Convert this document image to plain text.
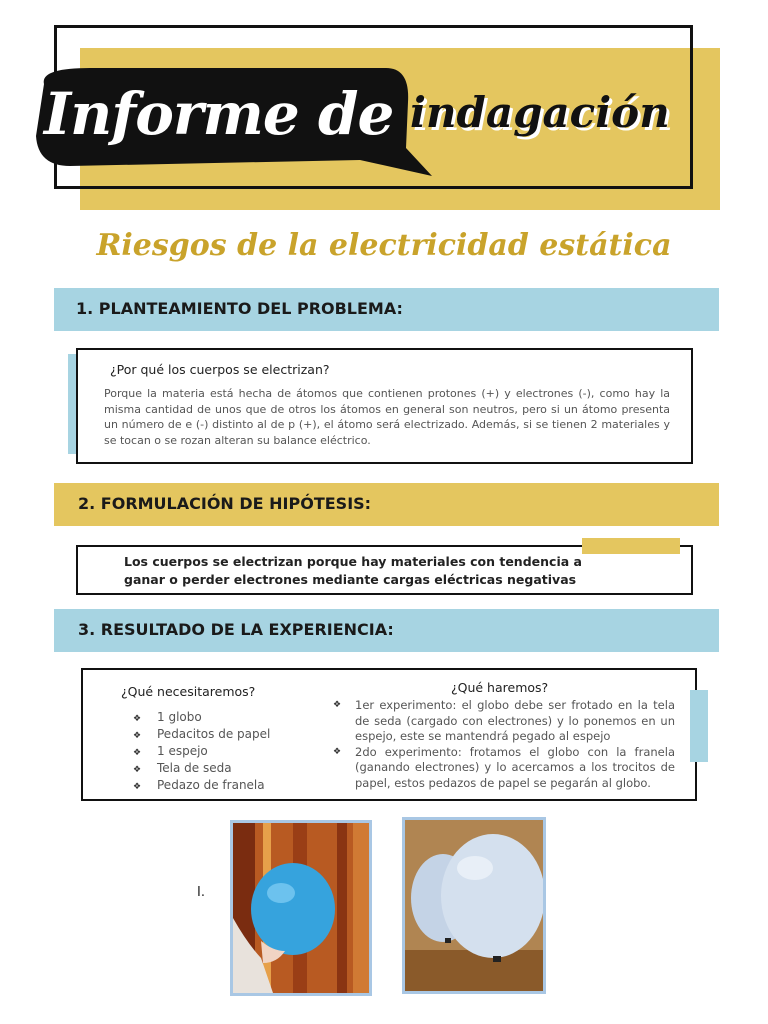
Informe de indagación
Riesgos de la electricidad estática
1. PLANTEAMIENTO DEL PROBLEMA:
¿Por qué los cuerpos se electrizan?
Porque la materia está hecha de átomos que contienen protones (+) y electrones (-), como hay la misma cantidad de unos que de otros los átomos en general son neutros, pero si un átomo presenta un número de e (-) distinto al de p (+), el átomo será electrizado. Además, si se tienen 2 materiales y se tocan o se rozan alteran su balance eléctrico.
2. FORMULACIÓN DE HIPÓTESIS:
Los cuerpos se electrizan porque hay materiales con tendencia a ganar o perder electrones mediante cargas eléctricas negativas
3. RESULTADO DE LA EXPERIENCIA:
¿Qué necesitaremos?
❖ 1 globo
❖ Pedacitos de papel
❖ 1 espejo
❖ Tela de seda
❖ Pedazo de franela
¿Qué haremos?
❖	1er experimento: el globo debe ser frotado en la tela de seda (cargado con electrones) y lo ponemos en un espejo, este se mantendrá pegado al espejo
❖	2do experimento: frotamos el globo con la franela (ganando electrones) y lo acercamos a los trocitos de papel, estos pedazos de papel se pegarán al globo.
I.
